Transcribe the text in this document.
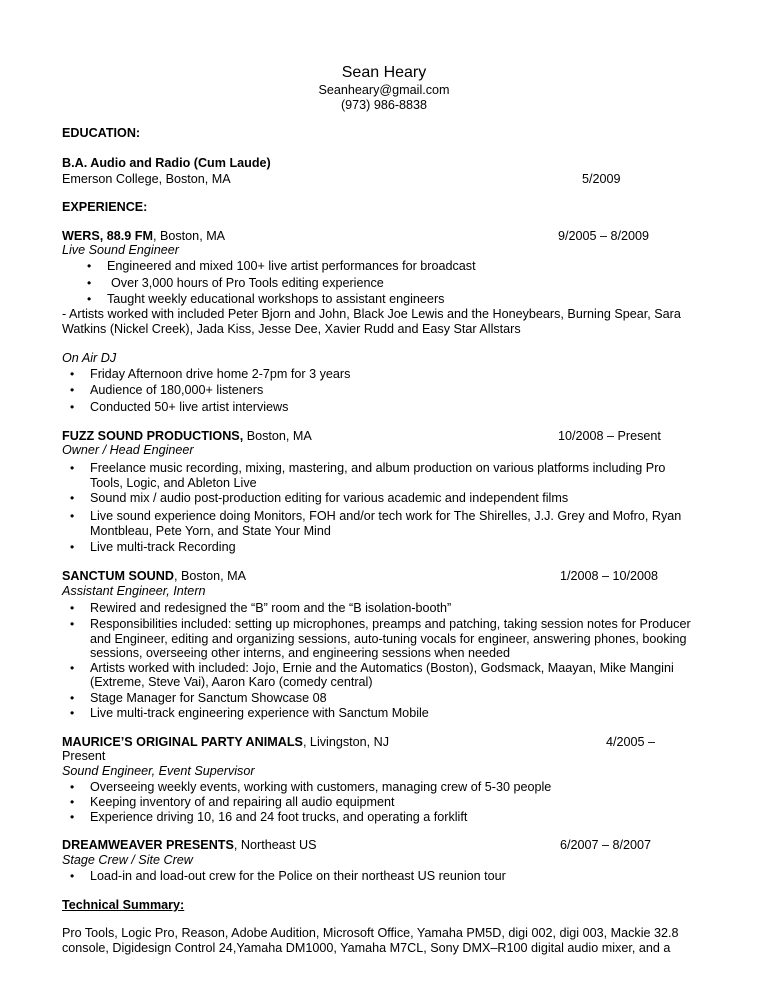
Sean Heary
Seanheary@gmail.com
(973) 986-8838
EDUCATION:
B.A. Audio and Radio (Cum Laude)
Emerson College, Boston, MA	5/2009
EXPERIENCE:
WERS, 88.9 FM, Boston, MA	9/2005 – 8/2009
Live Sound Engineer
• Engineered and mixed 100+ live artist performances for broadcast
• Over 3,000 hours of Pro Tools editing experience
• Taught weekly educational workshops to assistant engineers
- Artists worked with included Peter Bjorn and John, Black Joe Lewis and the Honeybears, Burning Spear, Sara
Watkins (Nickel Creek), Jada Kiss, Jesse Dee, Xavier Rudd and Easy Star Allstars
On Air DJ
• Friday Afternoon drive home 2-7pm for 3 years
• Audience of 180,000+ listeners
• Conducted 50+ live artist interviews
FUZZ SOUND PRODUCTIONS, Boston, MA	10/2008 – Present
Owner / Head Engineer
• Freelance music recording, mixing, mastering, and album production on various platforms including Pro
Tools, Logic, and Ableton Live
• Sound mix / audio post-production editing for various academic and independent films
• Live sound experience doing Monitors, FOH and/or tech work for The Shirelles, J.J. Grey and Mofro, Ryan
Montbleau, Pete Yorn, and State Your Mind
• Live multi-track Recording
SANCTUM SOUND, Boston, MA	1/2008 – 10/2008
Assistant Engineer, Intern
• Rewired and redesigned the “B” room and the “B isolation-booth”
• Responsibilities included: setting up microphones, preamps and patching, taking session notes for Producer
and Engineer, editing and organizing sessions, auto-tuning vocals for engineer, answering phones, booking
sessions, overseeing other interns, and engineering sessions when needed
• Artists worked with included: Jojo, Ernie and the Automatics (Boston), Godsmack, Maayan, Mike Mangini
(Extreme, Steve Vai), Aaron Karo (comedy central)
• Stage Manager for Sanctum Showcase 08
• Live multi-track engineering experience with Sanctum Mobile
MAURICE’S ORIGINAL PARTY ANIMALS, Livingston, NJ	4/2005 –
Present
Sound Engineer, Event Supervisor
• Overseeing weekly events, working with customers, managing crew of 5-30 people
• Keeping inventory of and repairing all audio equipment
• Experience driving 10, 16 and 24 foot trucks, and operating a forklift
DREAMWEAVER PRESENTS, Northeast US	6/2007 – 8/2007
Stage Crew / Site Crew
• Load-in and load-out crew for the Police on their northeast US reunion tour
Technical Summary:
Pro Tools, Logic Pro, Reason, Adobe Audition, Microsoft Office, Yamaha PM5D, digi 002, digi 003, Mackie 32.8
console, Digidesign Control 24,Yamaha DM1000, Yamaha M7CL, Sony DMX–R100 digital audio mixer, and a
